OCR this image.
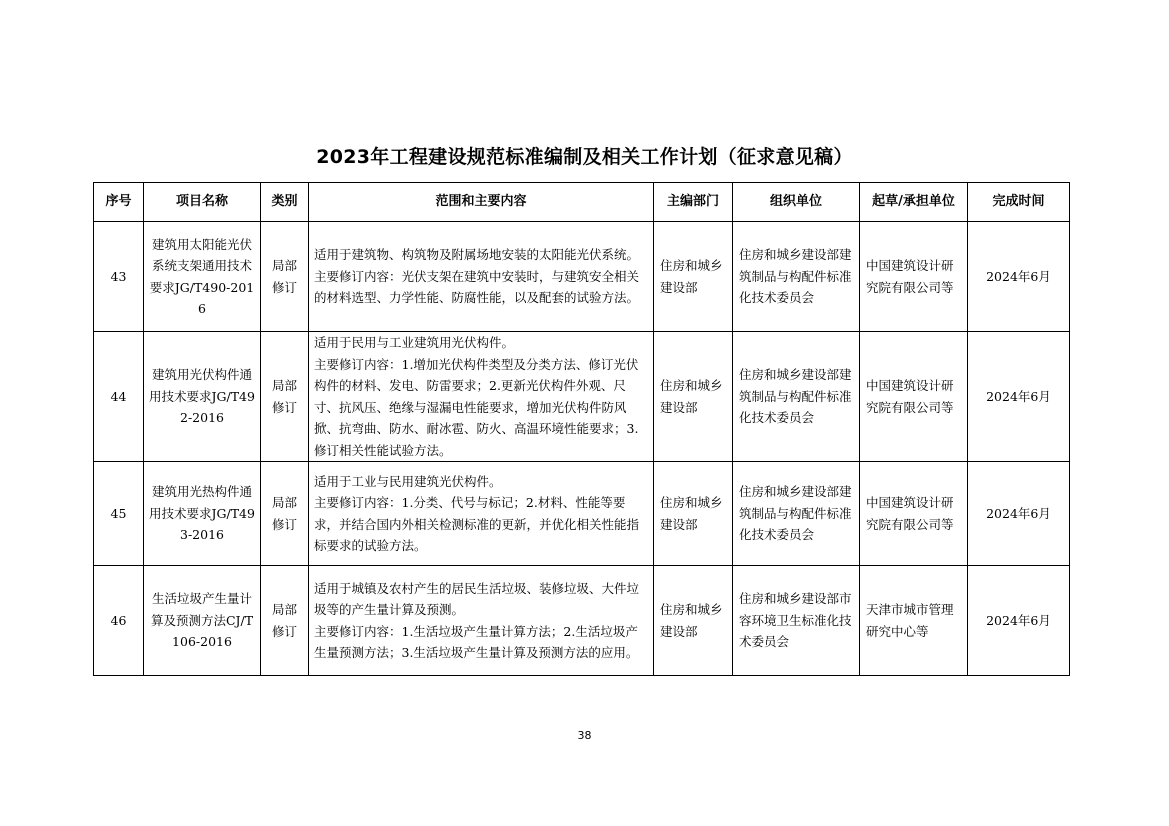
2023年工程建设规范标准编制及相关工作计划（征求意见稿）
序号	项目名称	类别	范围和主要内容	主编部门	组织单位	起草/承担单位	完成时间
43	建筑用太阳能光伏系统支架通用技术要求JG/T490-2016	局部修订	适用于建筑物、构筑物及附属场地安装的太阳能光伏系统。
主要修订内容：光伏支架在建筑中安装时，与建筑安全相关的材料选型、力学性能、防腐性能，以及配套的试验方法。	住房和城乡建设部	住房和城乡建设部建筑制品与构配件标准化技术委员会	中国建筑设计研究院有限公司等	2024年6月
44	建筑用光伏构件通用技术要求JG/T492-2016	局部修订	适用于民用与工业建筑用光伏构件。
主要修订内容：1.增加光伏构件类型及分类方法、修订光伏构件的材料、发电、防雷要求；2.更新光伏构件外观、尺寸、抗风压、绝缘与湿漏电性能要求，增加光伏构件防风掀、抗弯曲、防水、耐冰雹、防火、高温环境性能要求；3.修订相关性能试验方法。	住房和城乡建设部	住房和城乡建设部建筑制品与构配件标准化技术委员会	中国建筑设计研究院有限公司等	2024年6月
45	建筑用光热构件通用技术要求JG/T493-2016	局部修订	适用于工业与民用建筑光伏构件。
主要修订内容：1.分类、代号与标记；2.材料、性能等要求，并结合国内外相关检测标准的更新，并优化相关性能指标要求的试验方法。	住房和城乡建设部	住房和城乡建设部建筑制品与构配件标准化技术委员会	中国建筑设计研究院有限公司等	2024年6月
46	生活垃圾产生量计算及预测方法CJ/T106-2016	局部修订	适用于城镇及农村产生的居民生活垃圾、装修垃圾、大件垃圾等的产生量计算及预测。
主要修订内容：1.生活垃圾产生量计算方法；2.生活垃圾产生量预测方法；3.生活垃圾产生量计算及预测方法的应用。	住房和城乡建设部	住房和城乡建设部市容环境卫生标准化技术委员会	天津市城市管理研究中心等	2024年6月
38
